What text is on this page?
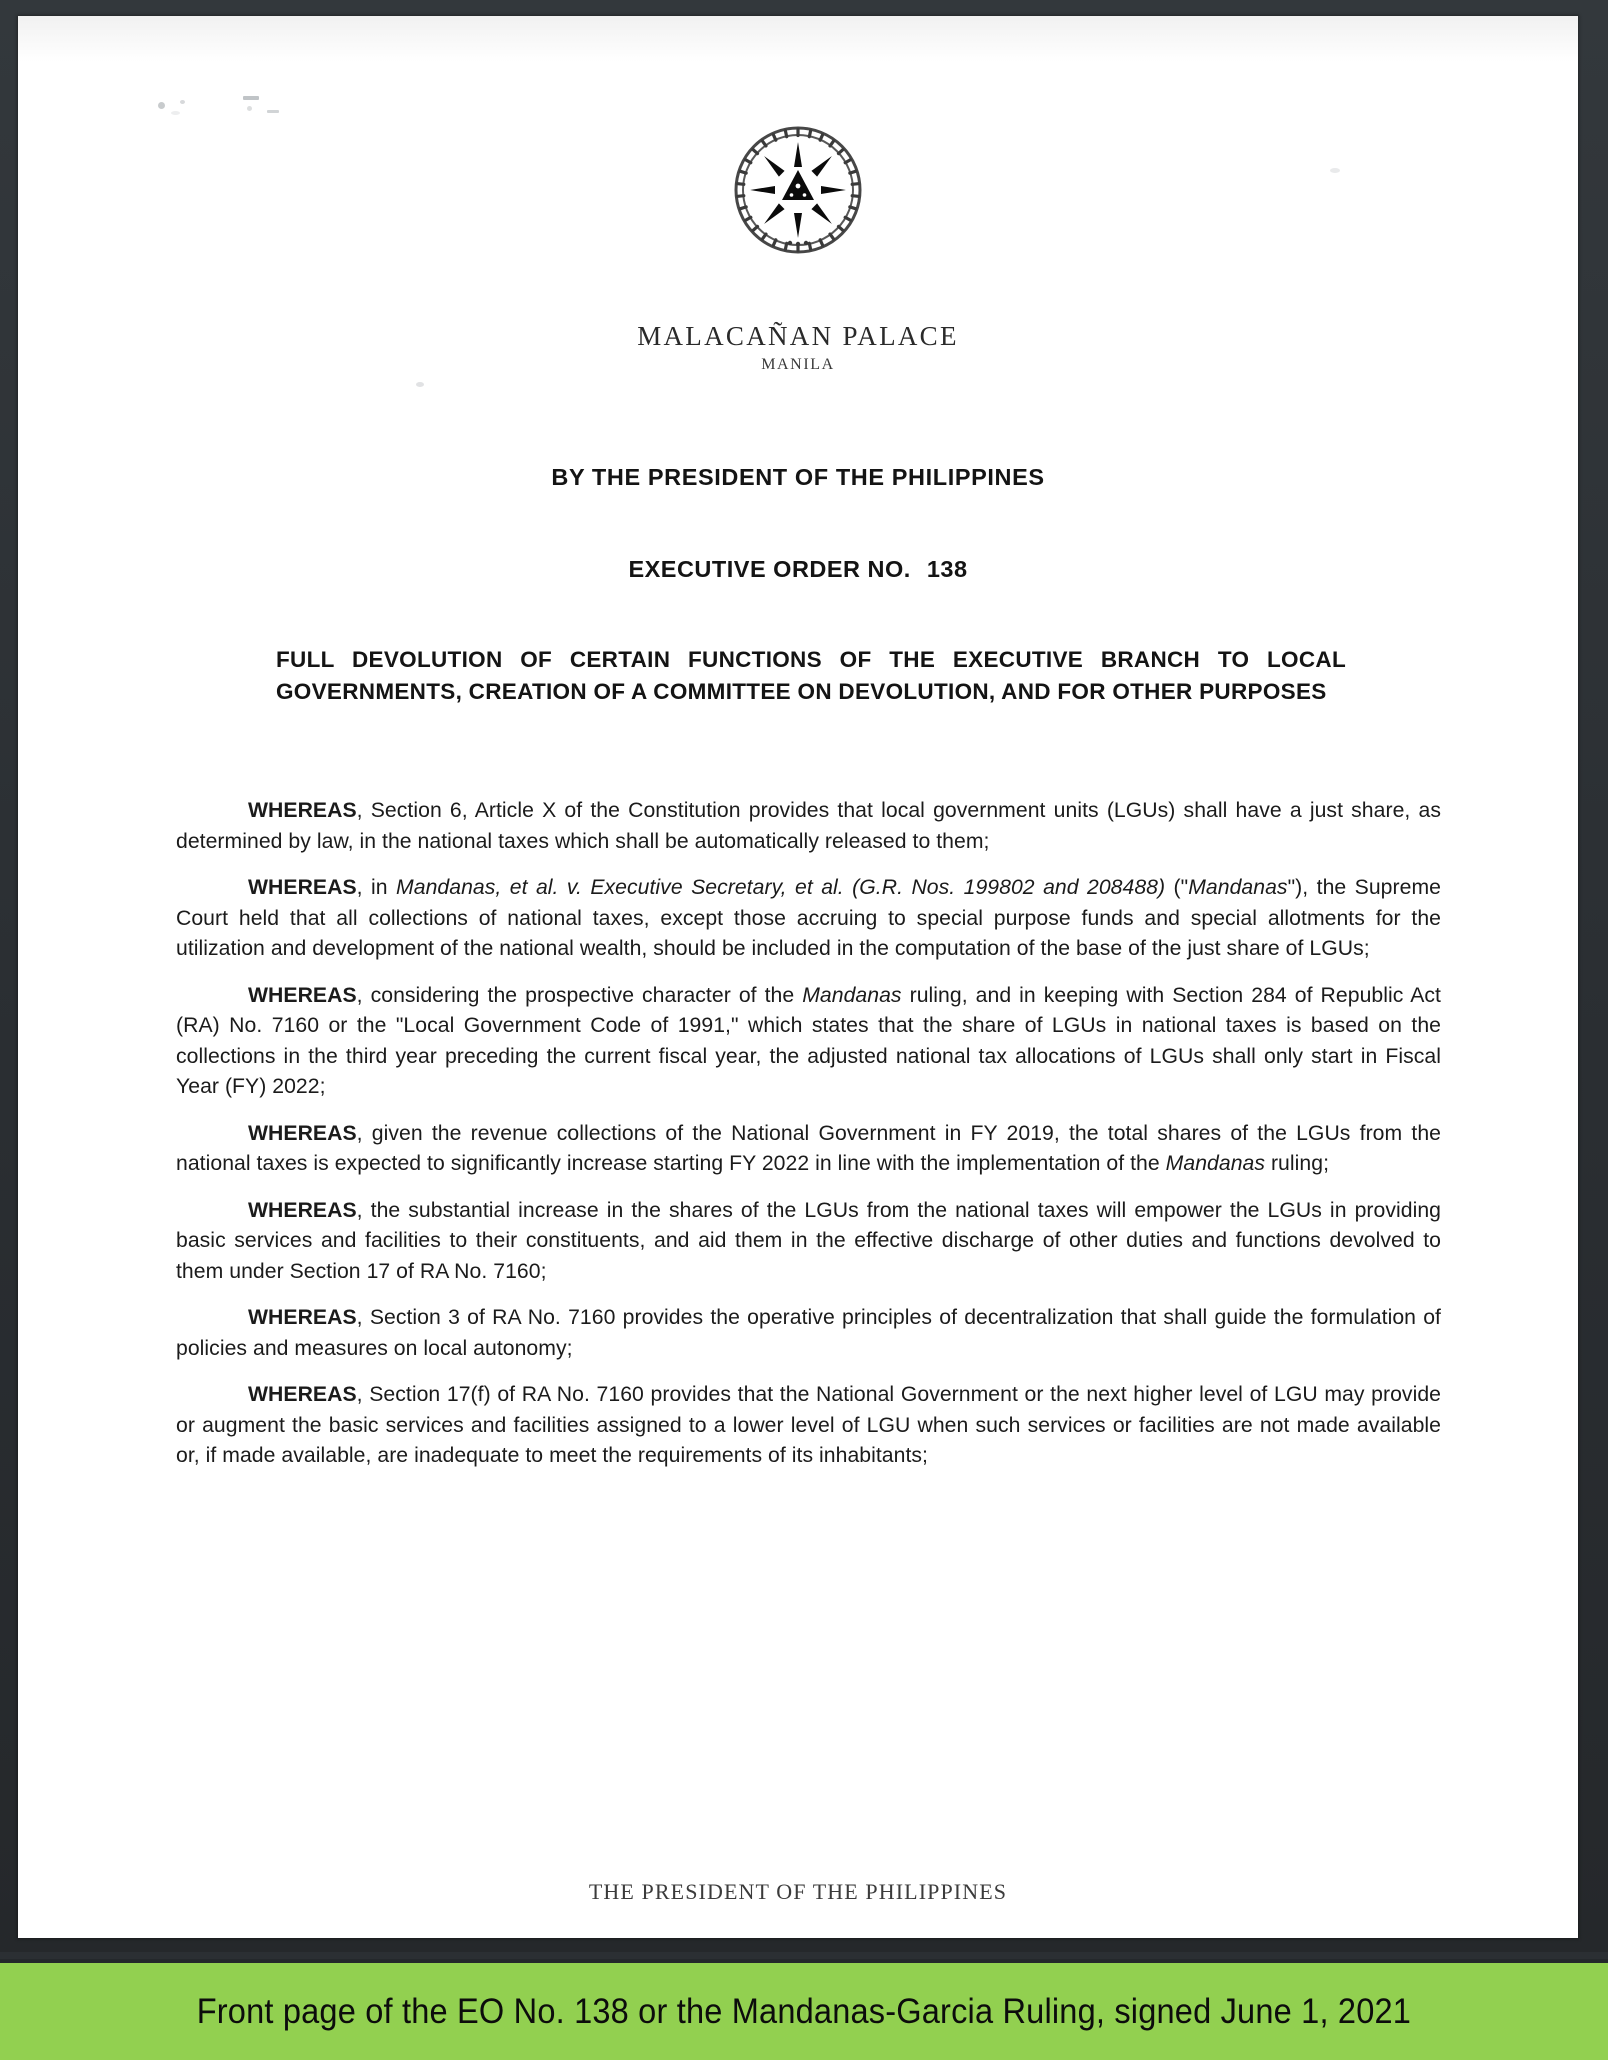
MALACAÑAN PALACE
MANILA
BY THE PRESIDENT OF THE PHILIPPINES
EXECUTIVE ORDER NO. 138
FULL DEVOLUTION OF CERTAIN FUNCTIONS OF THE EXECUTIVE BRANCH TO LOCAL GOVERNMENTS, CREATION OF A COMMITTEE ON DEVOLUTION, AND FOR OTHER PURPOSES

WHEREAS, Section 6, Article X of the Constitution provides that local government units (LGUs) shall have a just share, as determined by law, in the national taxes which shall be automatically released to them;

WHEREAS, in Mandanas, et al. v. Executive Secretary, et al. (G.R. Nos. 199802 and 208488) ("Mandanas"), the Supreme Court held that all collections of national taxes, except those accruing to special purpose funds and special allotments for the utilization and development of the national wealth, should be included in the computation of the base of the just share of LGUs;

WHEREAS, considering the prospective character of the Mandanas ruling, and in keeping with Section 284 of Republic Act (RA) No. 7160 or the "Local Government Code of 1991," which states that the share of LGUs in national taxes is based on the collections in the third year preceding the current fiscal year, the adjusted national tax allocations of LGUs shall only start in Fiscal Year (FY) 2022;

WHEREAS, given the revenue collections of the National Government in FY 2019, the total shares of the LGUs from the national taxes is expected to significantly increase starting FY 2022 in line with the implementation of the Mandanas ruling;

WHEREAS, the substantial increase in the shares of the LGUs from the national taxes will empower the LGUs in providing basic services and facilities to their constituents, and aid them in the effective discharge of other duties and functions devolved to them under Section 17 of RA No. 7160;

WHEREAS, Section 3 of RA No. 7160 provides the operative principles of decentralization that shall guide the formulation of policies and measures on local autonomy;

WHEREAS, Section 17(f) of RA No. 7160 provides that the National Government or the next higher level of LGU may provide or augment the basic services and facilities assigned to a lower level of LGU when such services or facilities are not made available or, if made available, are inadequate to meet the requirements of its inhabitants;

THE PRESIDENT OF THE PHILIPPINES
Front page of the EO No. 138 or the Mandanas-Garcia Ruling, signed June 1, 2021
